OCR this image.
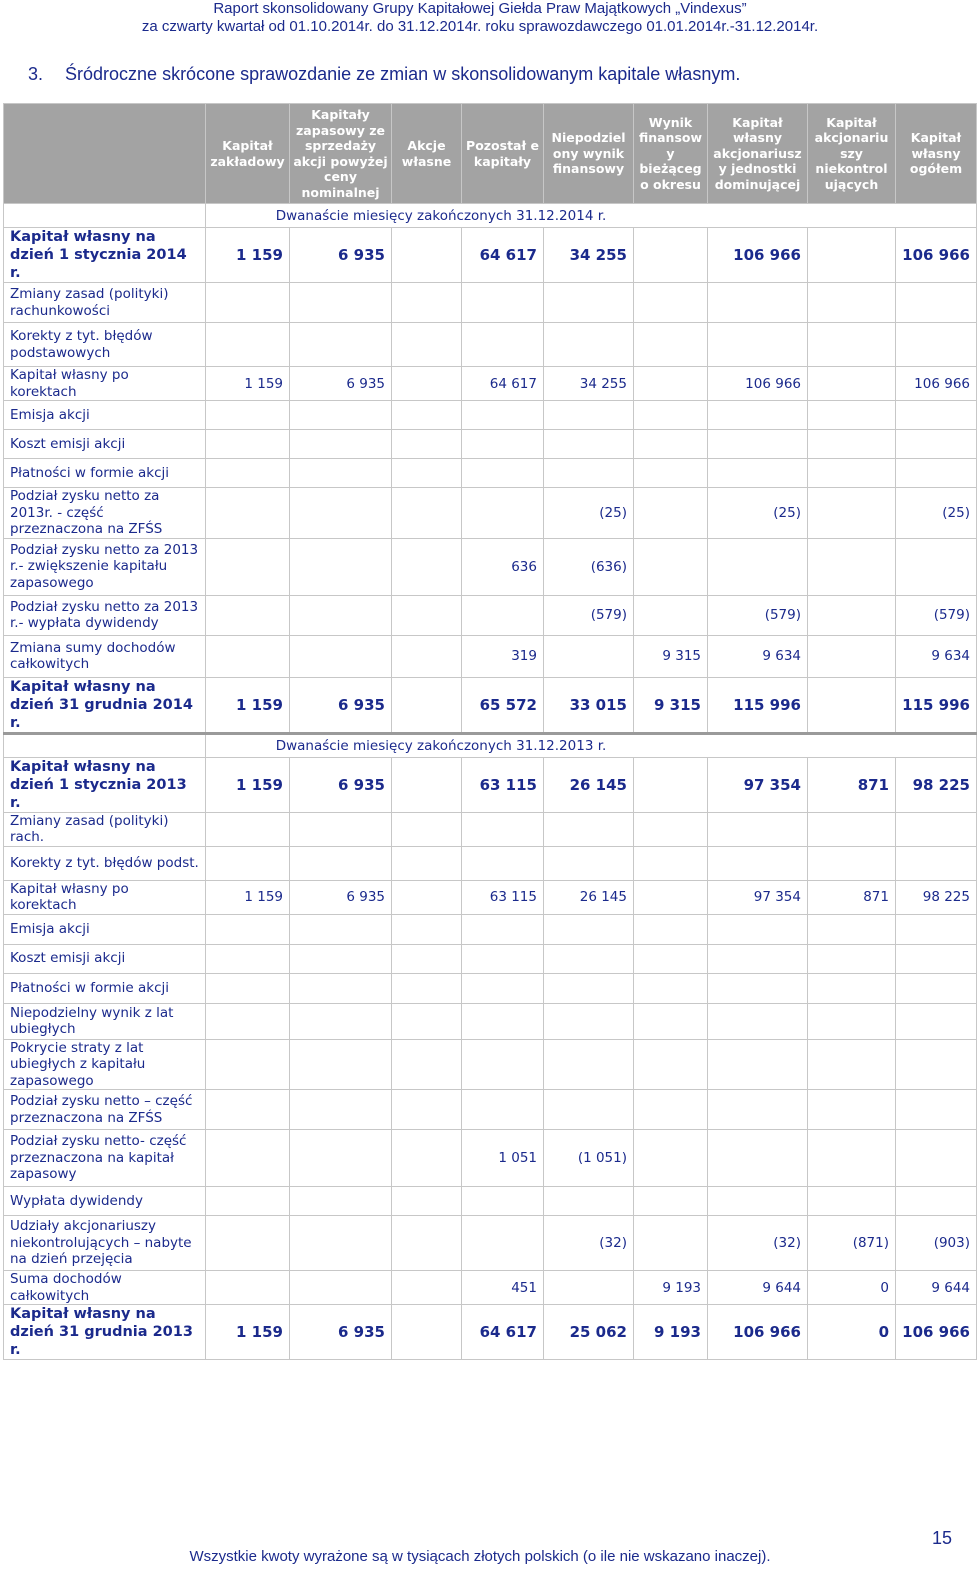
Raport skonsolidowany Grupy Kapitałowej Giełda Praw Majątkowych „Vindexus”
za czwarty kwartał od 01.10.2014r. do 31.12.2014r. roku sprawozdawczego 01.01.2014r.-31.12.2014r.
3. Śródroczne skrócone sprawozdanie ze zmian w skonsolidowanym kapitale własnym.
	Kapitał zakładowy	Kapitały zapasowy ze sprzedaży akcji powyżej ceny nominalnej	Akcje własne	Pozostał e kapitały	Niepodziel ony wynik finansowy	Wynik finansow y bieżąceg o okresu	Kapitał własny akcjonariusz y jednostki dominującej	Kapitał akcjonariu szy niekontrol ujących	Kapitał własny ogółem
	Dwanaście miesięcy zakończonych 31.12.2014 r.								
Kapitał własny na dzień 1 stycznia 2014 r.	1 159	6 935		64 617	34 255		106 966		106 966
Zmiany zasad (polityki) rachunkowości									
Korekty z tyt. błędów podstawowych									
Kapitał własny po korektach	1 159	6 935		64 617	34 255		106 966		106 966
Emisja akcji									
Koszt emisji akcji									
Płatności w formie akcji									
Podział zysku netto za 2013r. - część przeznaczona na ZFŚS					(25)		(25)		(25)
Podział zysku netto za 2013 r.- zwiększenie kapitału zapasowego				636	(636)				
Podział zysku netto za 2013 r.- wypłata dywidendy					(579)		(579)		(579)
Zmiana sumy dochodów całkowitych				319		9 315	9 634		9 634
Kapitał własny na dzień 31 grudnia 2014 r.	1 159	6 935		65 572	33 015	9 315	115 996		115 996
	Dwanaście miesięcy zakończonych 31.12.2013 r.								
Kapitał własny na dzień 1 stycznia 2013 r.	1 159	6 935		63 115	26 145		97 354	871	98 225
Zmiany zasad (polityki) rach.									
Korekty z tyt. błędów podst.									
Kapitał własny po korektach	1 159	6 935		63 115	26 145		97 354	871	98 225
Emisja akcji									
Koszt emisji akcji									
Płatności w formie akcji									
Niepodzielny wynik z lat ubiegłych									
Pokrycie straty z lat ubiegłych z kapitału zapasowego									
Podział zysku netto – część przeznaczona na ZFŚS									
Podział zysku netto- część przeznaczona na kapitał zapasowy				1 051	(1 051)				
Wypłata dywidendy									
Udziały akcjonariuszy niekontrolujących – nabyte na dzień przejęcia					(32)		(32)	(871)	(903)
Suma dochodów całkowitych				451		9 193	9 644	0	9 644
Kapitał własny na dzień 31 grudnia 2013 r.	1 159	6 935		64 617	25 062	9 193	106 966	0	106 966
Wszystkie kwoty wyrażone są w tysiącach złotych polskich (o ile nie wskazano inaczej).
15
